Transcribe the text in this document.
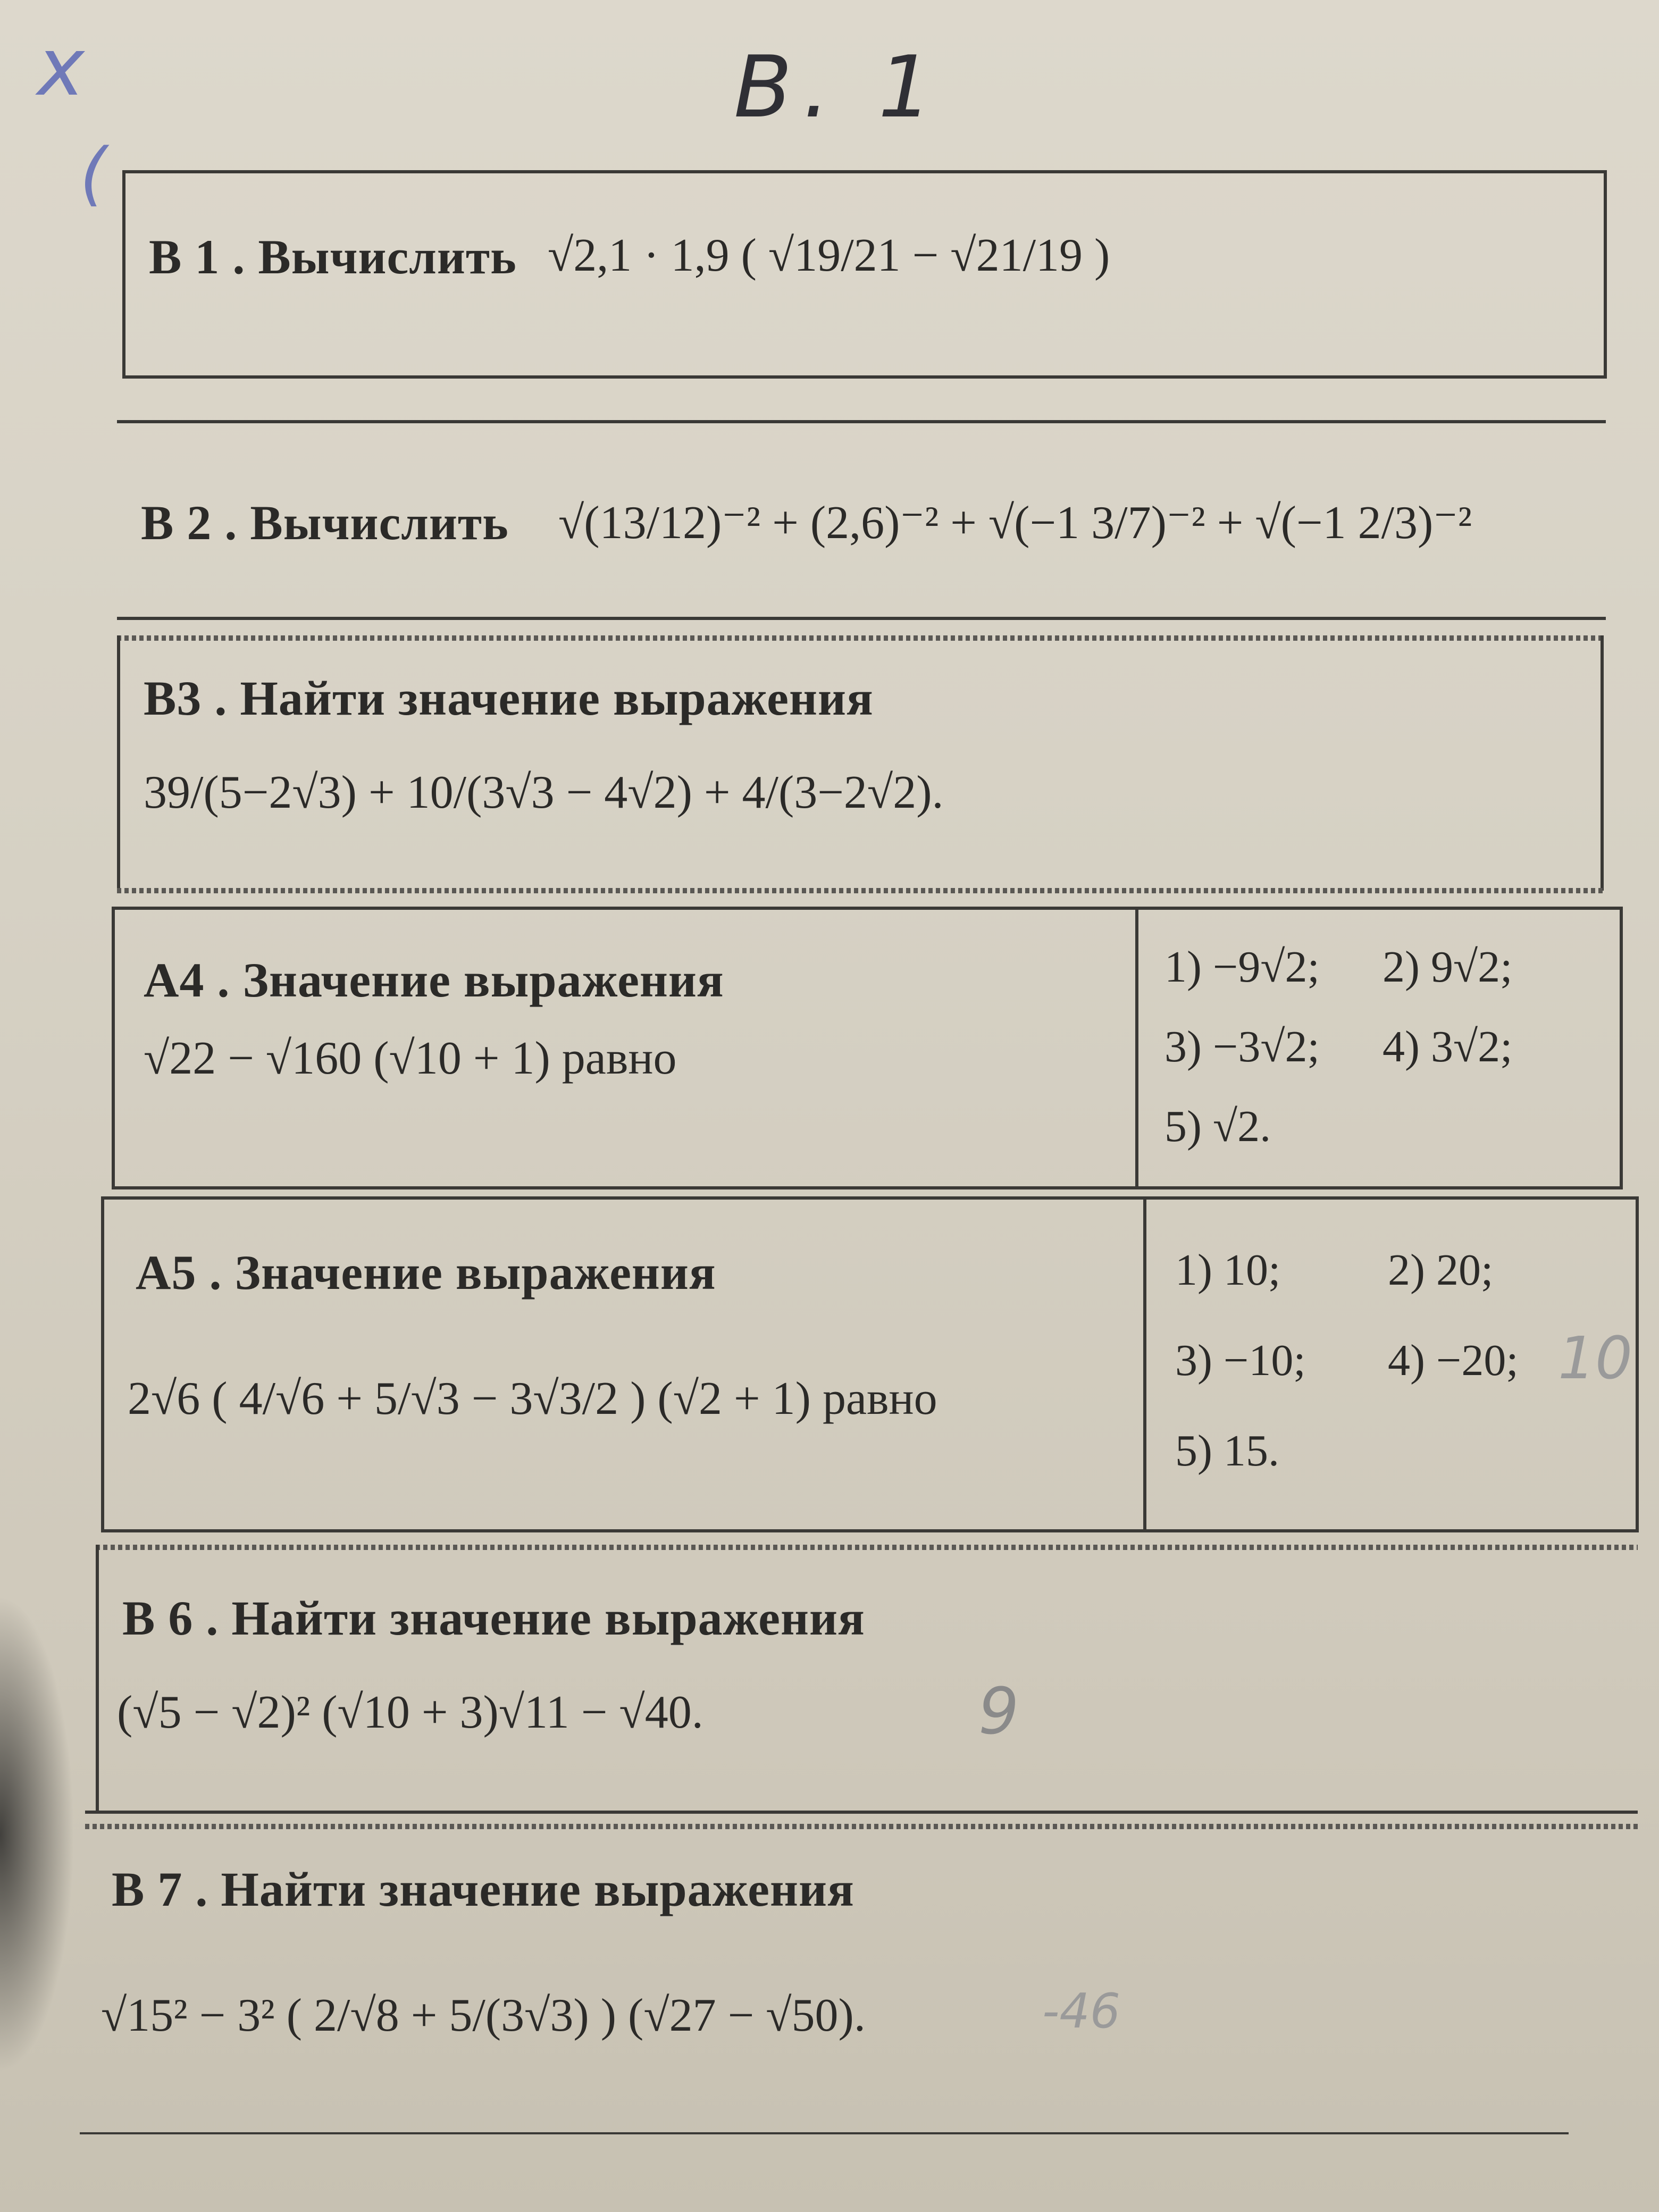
x
(
В. 1
В 1 . Вычислить √2,1 · 1,9 ( √19/21 − √21/19 )
В 2 . Вычислить √(13/12)⁻² + (2,6)⁻² + √(−1 3/7)⁻² + √(−1 2/3)⁻²
В3 . Найти значение выражения
39/(5−2√3) + 10/(3√3 − 4√2) + 4/(3−2√2).
А4 . Значение выражения
√22 − √160 (√10 + 1) равно
1) −9√2; 2) 9√2;
3) −3√2; 4) 3√2;
5) √2.
А5 . Значение выражения
2√6 ( 4/√6 + 5/√3 − 3√3/2 ) (√2 + 1) равно
1) 10; 2) 20;
3) −10; 4) −20;
5) 15.
10
В 6 . Найти значение выражения
(√5 − √2)² (√10 + 3)√11 − √40.	9
В 7 . Найти значение выражения
√15² − 3² ( 2/√8 + 5/(3√3) ) (√27 − √50).	-46
